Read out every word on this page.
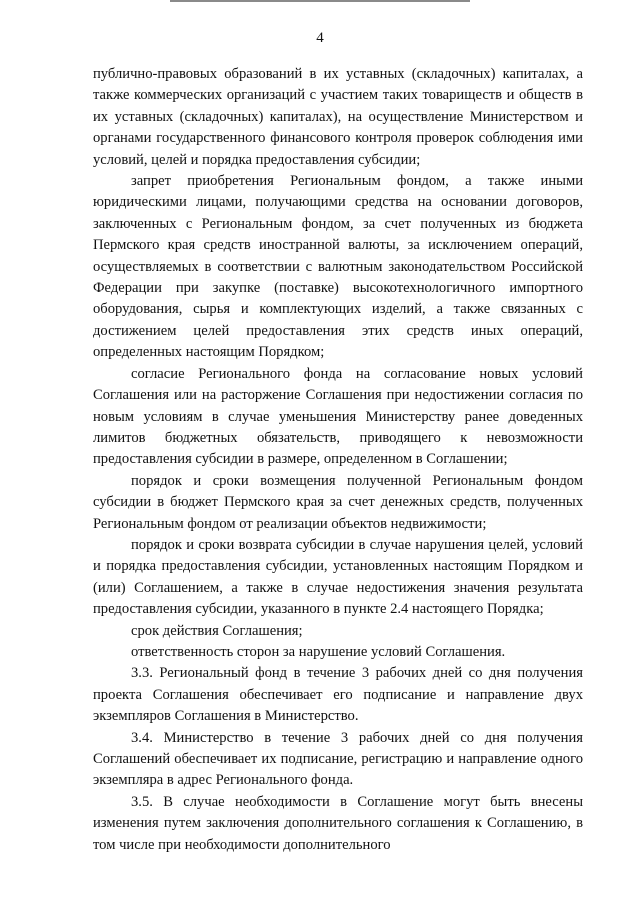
4

публично-правовых образований в их уставных (складочных) капиталах, а также коммерческих организаций с участием таких товариществ и обществ в их уставных (складочных) капиталах), на осуществление Министерством и органами государственного финансового контроля проверок соблюдения ими условий, целей и порядка предоставления субсидии;

запрет приобретения Региональным фондом, а также иными юридическими лицами, получающими средства на основании договоров, заключенных с Региональным фондом, за счет полученных из бюджета Пермского края средств иностранной валюты, за исключением операций, осуществляемых в соответствии с валютным законодательством Российской Федерации при закупке (поставке) высокотехнологичного импортного оборудования, сырья и комплектующих изделий, а также связанных с достижением целей предоставления этих средств иных операций, определенных настоящим Порядком;

согласие Регионального фонда на согласование новых условий Соглашения или на расторжение Соглашения при недостижении согласия по новым условиям в случае уменьшения Министерству ранее доведенных лимитов бюджетных обязательств, приводящего к невозможности предоставления субсидии в размере, определенном в Соглашении;

порядок и сроки возмещения полученной Региональным фондом субсидии в бюджет Пермского края за счет денежных средств, полученных Региональным фондом от реализации объектов недвижимости;

порядок и сроки возврата субсидии в случае нарушения целей, условий и порядка предоставления субсидии, установленных настоящим Порядком и (или) Соглашением, а также в случае недостижения значения результата предоставления субсидии, указанного в пункте 2.4 настоящего Порядка;

срок действия Соглашения;

ответственность сторон за нарушение условий Соглашения.

3.3. Региональный фонд в течение 3 рабочих дней со дня получения проекта Соглашения обеспечивает его подписание и направление двух экземпляров Соглашения в Министерство.

3.4. Министерство в течение 3 рабочих дней со дня получения Соглашений обеспечивает их подписание, регистрацию и направление одного экземпляра в адрес Регионального фонда.

3.5. В случае необходимости в Соглашение могут быть внесены изменения путем заключения дополнительного соглашения к Соглашению, в том числе при необходимости дополнительного
